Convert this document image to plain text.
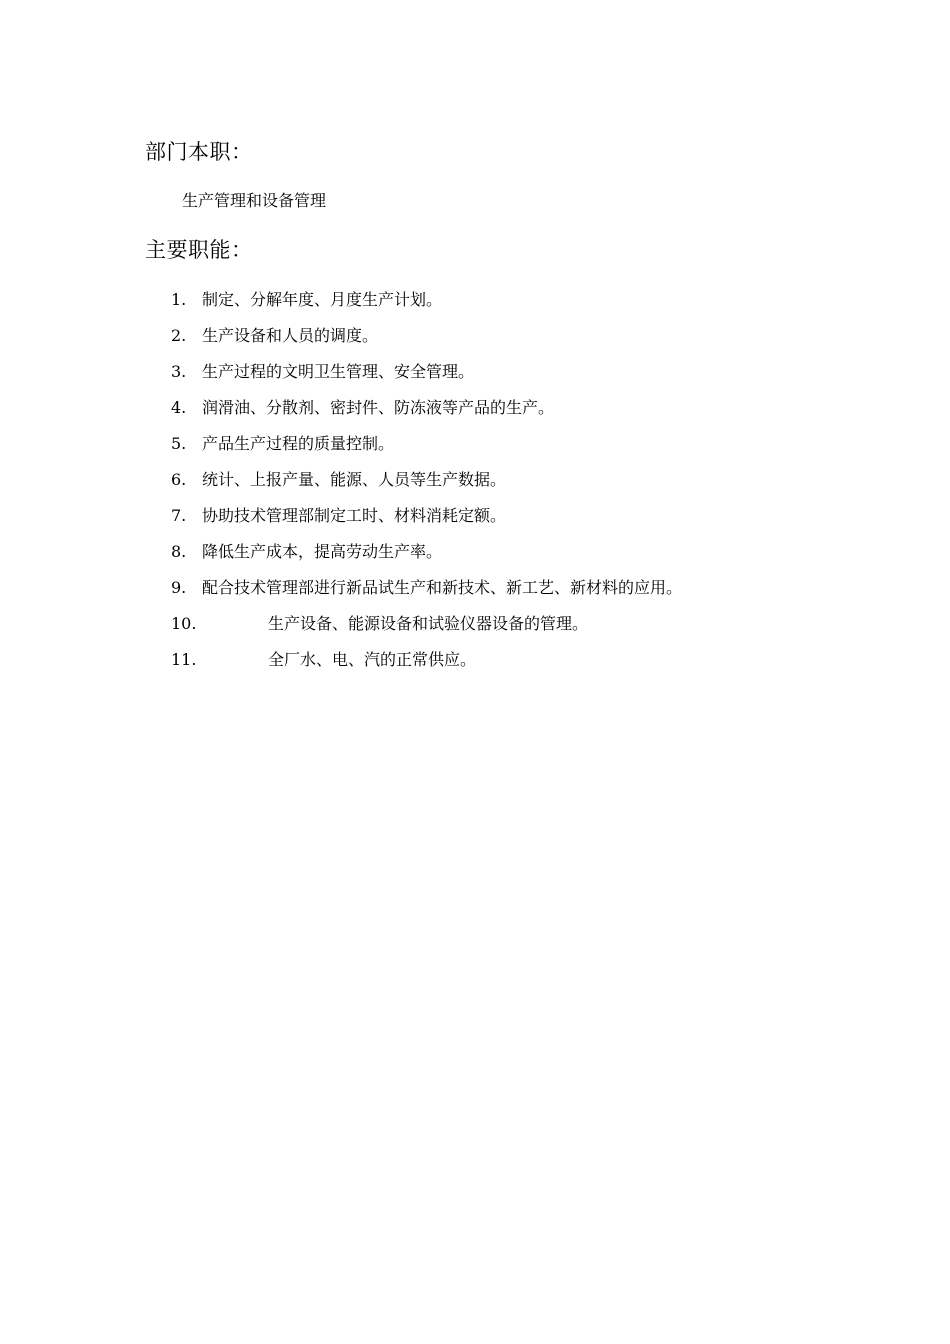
部门本职：

生产管理和设备管理

主要职能：
1. 制定、分解年度、月度生产计划。
2. 生产设备和人员的调度。
3. 生产过程的文明卫生管理、安全管理。
4. 润滑油、分散剂、密封件、防冻液等产品的生产。
5. 产品生产过程的质量控制。
6. 统计、上报产量、能源、人员等生产数据。
7. 协助技术管理部制定工时、材料消耗定额。
8. 降低生产成本，提高劳动生产率。
9. 配合技术管理部进行新品试生产和新技术、新工艺、新材料的应用。
10.	生产设备、能源设备和试验仪器设备的管理。
11.	全厂水、电、汽的正常供应。
